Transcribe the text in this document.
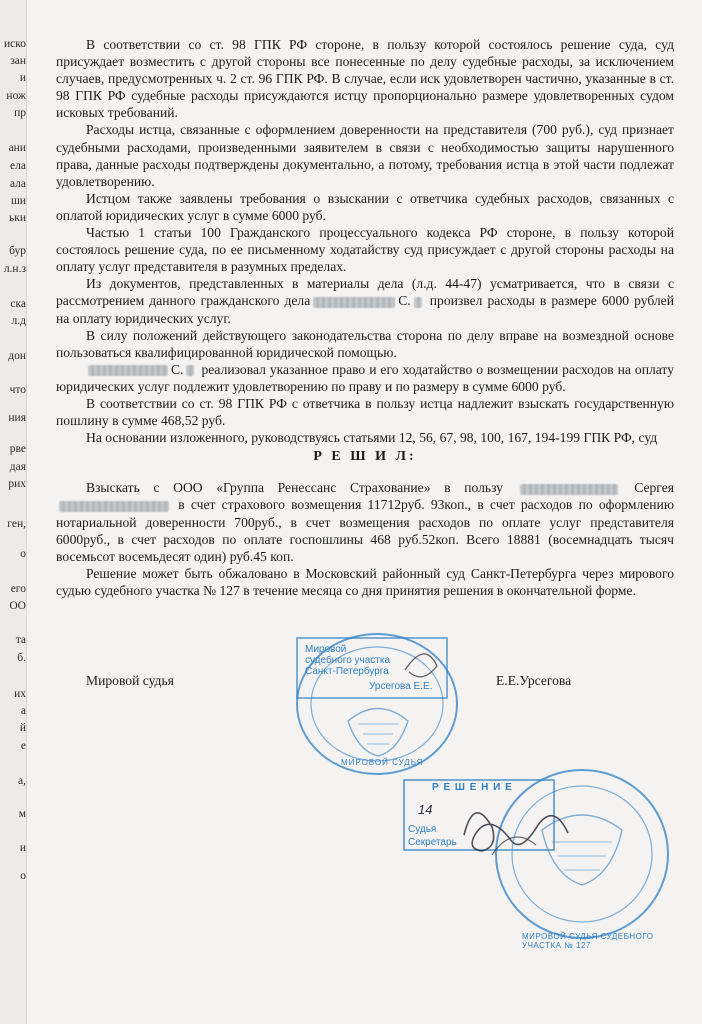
иско
зан
и
нож
пр
ани
ела
ала
ши
ьки
бур
л.н.з
ска
л.д
дон
что
ния
рве
дая
рих
ген,
о
его
ОО
та
б.
их
а
й
е
а,
м
и
о

В соответствии со ст. 98 ГПК РФ стороне, в пользу которой состоялось решение суда, суд присуждает возместить с другой стороны все понесенные по делу судебные расходы, за исключением случаев, предусмотренных ч. 2 ст. 96 ГПК РФ. В случае, если иск удовлетворен частично, указанные в ст. 98 ГПК РФ судебные расходы присуждаются истцу пропорционально размере удовлетворенных судом исковых требований.

Расходы истца, связанные с оформлением доверенности на представителя (700 руб.), суд признает судебными расходами, произведенными заявителем в связи с необходимостью защиты нарушенного права, данные расходы подтверждены документально, а потому, требования истца в этой части подлежат удовлетворению.

Истцом также заявлены требования о взыскании с ответчика судебных расходов, связанных с оплатой юридических услуг в сумме 6000 руб.

Частью 1 статьи 100 Гражданского процессуального кодекса РФ стороне, в пользу которой состоялось решение суда, по ее письменному ходатайству суд присуждает с другой стороны расходы на оплату услуг представителя в разумных пределах.

Из документов, представленных в материалы дела (л.д. 44-47) усматривается, что в связи с рассмотрением данного гражданского дела	С. произвел расходы в размере 6000 рублей на оплату юридических услуг.

В силу положений действующего законодательства сторона по делу вправе на возмездной основе пользоваться квалифицированной юридической помощью.

С. реализовал указанное право и его ходатайство о возмещении расходов на оплату юридических услуг подлежит удовлетворению по праву и по размеру в сумме 6000 руб.

В соответствии со ст. 98 ГПК РФ с ответчика в пользу истца надлежит взыскать государственную пошлину в сумме 468,52 руб.

На основании изложенного, руководствуясь статьями 12, 56, 67, 98, 100, 167, 194-199 ГПК РФ, суд

Р Е Ш И Л:

Взыскать с ООО «Группа Ренессанс Страхование» в пользу	Сергея  в счет страхового возмещения 11712руб. 93коп., в счет расходов по оформлению нотариальной доверенности 700руб., в счет возмещения расходов по оплате услуг представителя 6000руб., в счет расходов по оплате госпошлины 468 руб.52коп. Всего 18881 (восемнадцать тысяч восемьсот восемьдесят один) руб.45 коп.

Решение может быть обжаловано в Московский районный суд Санкт-Петербурга через мирового судью судебного участка № 127 в течение месяца со дня принятия решения в окончательной форме.

Мировой судья	Е.Е.Урсегова
Мировой
судебного участка
Санкт-Петербурга
Урсегова Е.Е.
МИРОВОЙ СУДЬЯ
Р Е Ш Е Н И Е
14
Судья
Секретарь
МИРОВОЙ СУДЬЯ СУДЕБНОГО УЧАСТКА № 127
